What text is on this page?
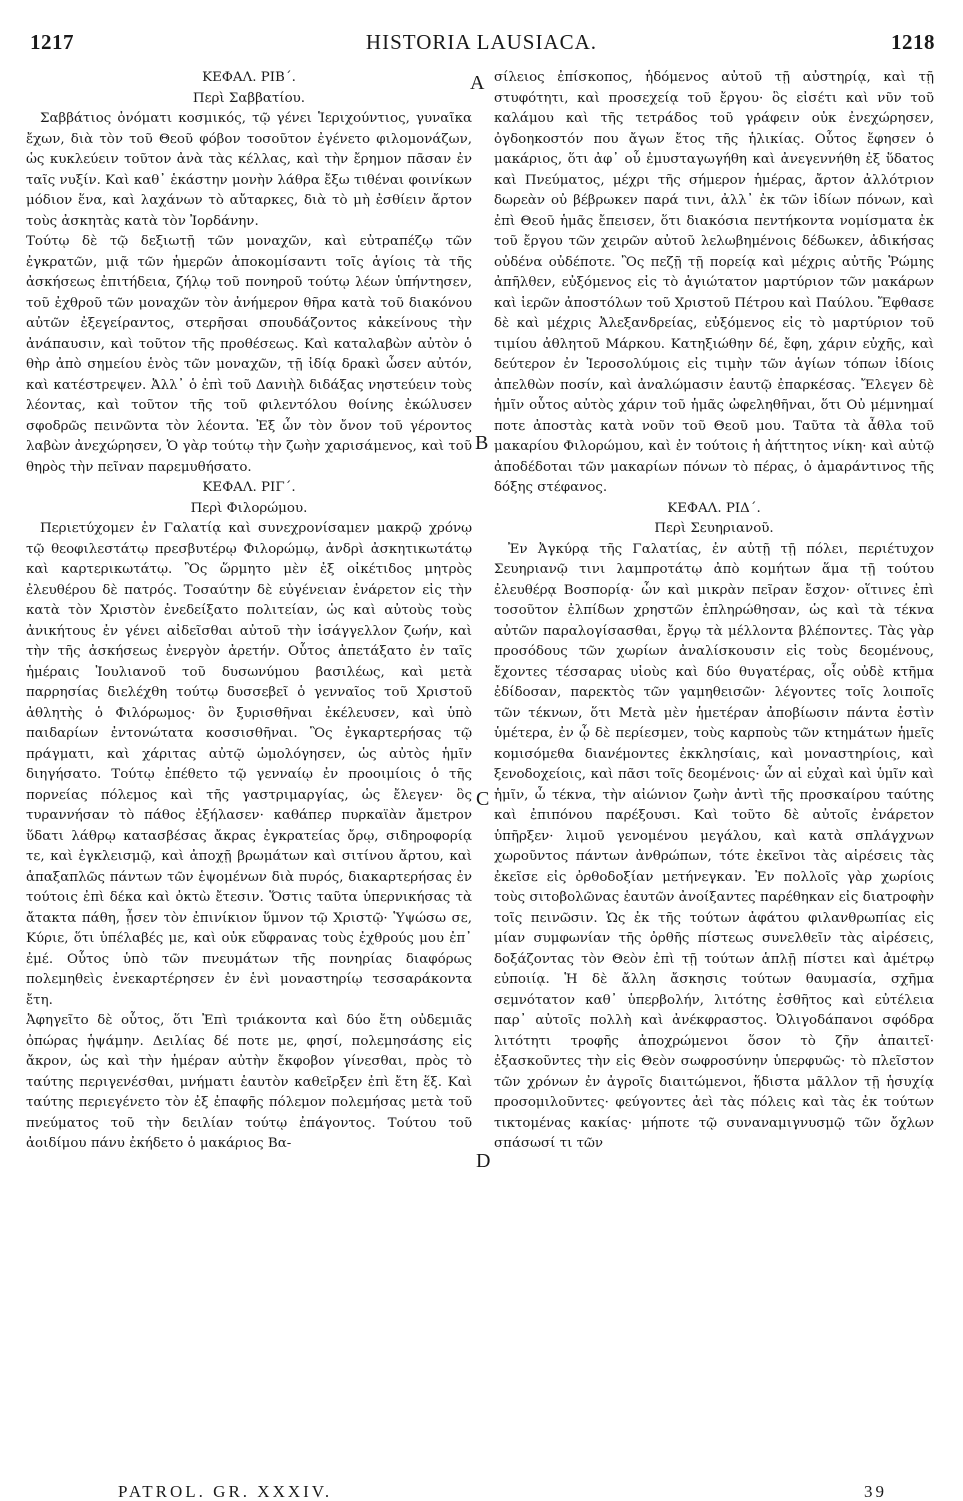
1217	HISTORIA LAUSIACA.	1218
A
B
C
D
ΚΕΦΑΛ. ΡΙΒ΄.
Περὶ Σαββατίου.

Σαββάτιος ὀνόματι κοσμικός, τῷ γένει Ἱεριχούντιος, γυναῖκα ἔχων, διὰ τὸν τοῦ Θεοῦ φόβον τοσοῦτον ἐγένετο φιλομονάζων, ὡς κυκλεύειν τοῦτον ἀνὰ τὰς κέλλας, καὶ τὴν ἔρημον πᾶσαν ἐν ταῖς νυξίν. Καὶ καθ᾽ ἑκάστην μονὴν λάθρα ἔξω τιθέναι φοινίκων μόδιον ἕνα, καὶ λαχάνων τὸ αὔταρκες, διὰ τὸ μὴ ἐσθίειν ἄρτον τοὺς ἀσκητὰς κατὰ τὸν Ἰορδάνην.

Τούτῳ δὲ τῷ δεξιωτῇ τῶν μοναχῶν, καὶ εὐτραπέζῳ τῶν ἐγκρατῶν, μιᾷ τῶν ἡμερῶν ἀποκομίσαντι τοῖς ἁγίοις τὰ τῆς ἀσκήσεως ἐπιτήδεια, ζήλῳ τοῦ πονηροῦ τούτῳ λέων ὑπήντησεν, τοῦ ἐχθροῦ τῶν μοναχῶν τὸν ἀνήμερον θῆρα κατὰ τοῦ διακόνου αὐτῶν ἐξεγείραντος, στερῆσαι σπουδάζοντος κἀκείνους τὴν ἀνάπαυσιν, καὶ τοῦτον τῆς προθέσεως. Καὶ καταλαβὼν αὐτὸν ὁ θὴρ ἀπὸ σημείου ἑνὸς τῶν μοναχῶν, τῇ ἰδίᾳ δρακὶ ὦσεν αὐτόν, καὶ κατέστρεψεν. Ἀλλ᾽ ὁ ἐπὶ τοῦ Δανιὴλ διδάξας νηστεύειν τοὺς λέοντας, καὶ τοῦτον τῆς τοῦ φιλεντόλου θοίνης ἐκώλυσεν σφοδρῶς πεινῶντα τὸν λέοντα. Ἐξ ὧν τὸν ὄνον τοῦ γέροντος λαβὼν ἀνεχώρησεν, Ὁ γὰρ τούτῳ τὴν ζωὴν χαρισάμενος, καὶ τοῦ θηρὸς τὴν πεῖναν παρεμυθήσατο.

ΚΕΦΑΛ. ΡΙΓ΄.
Περὶ Φιλορώμου.

Περιετύχομεν ἐν Γαλατίᾳ καὶ συνεχρονίσαμεν μακρῷ χρόνῳ τῷ θεοφιλεστάτῳ πρεσβυτέρῳ Φιλορώμῳ, ἀνδρὶ ἀσκητικωτάτῳ καὶ καρτερικωτάτῳ. Ὃς ὥρμητο μὲν ἐξ οἰκέτιδος μητρὸς ἐλευθέρου δὲ πατρός. Τοσαύτην δὲ εὐγένειαν ἐνάρετον εἰς τὴν κατὰ τὸν Χριστὸν ἐνεδείξατο πολιτείαν, ὡς καὶ αὐτοὺς τοὺς ἀνικήτους ἐν γένει αἰδεῖσθαι αὐτοῦ τὴν ἰσάγγελλον ζωήν, καὶ τὴν τῆς ἀσκήσεως ἐνεργὸν ἀρετήν. Οὗτος ἀπετάξατο ἐν ταῖς ἡμέραις Ἰουλιανοῦ τοῦ δυσωνύμου βασιλέως, καὶ μετὰ παρρησίας διελέχθη τούτῳ δυσσεβεῖ ὁ γενναῖος τοῦ Χριστοῦ ἀθλητὴς ὁ Φιλόρωμος· ὃν ξυρισθῆναι ἐκέλευσεν, καὶ ὑπὸ παιδαρίων ἐντονώτατα κοσσισθῆναι. Ὃς ἐγκαρτερήσας τῷ πράγματι, καὶ χάριτας αὐτῷ ὡμολόγησεν, ὡς αὐτὸς ἡμῖν διηγήσατο. Τούτῳ ἐπέθετο τῷ γενναίῳ ἐν προοιμίοις ὁ τῆς πορνείας πόλεμος καὶ τῆς γαστριμαργίας, ὡς ἔλεγεν· ὃς τυραννήσαν τὸ πάθος ἐξήλασεν· καθάπερ πυρκαϊὰν ἄμετρον ὕδατι λάθρῳ κατασβέσας ἄκρας ἐγκρατείας ὄρῳ, σιδηροφορίᾳ τε, καὶ ἐγκλεισμῷ, καὶ ἀποχῇ βρωμάτων καὶ σιτίνου ἄρτου, καὶ ἁπαξαπλῶς πάντων τῶν ἑψομένων διὰ πυρός, διακαρτερήσας ἐν τούτοις ἐπὶ δέκα καὶ ὀκτὼ ἔτεσιν. Ὅστις ταῦτα ὑπερνικήσας τὰ ἄτακτα πάθη, ᾖσεν τὸν ἐπινίκιον ὕμνον τῷ Χριστῷ· Ὑψώσω σε, Κύριε, ὅτι ὑπέλαβές με, καὶ οὐκ εὔφρανας τοὺς ἐχθρούς μου ἐπ᾽ ἐμέ. Οὗτος ὑπὸ τῶν πνευμάτων τῆς πονηρίας διαφόρως πολεμηθεὶς ἐνεκαρτέρησεν ἐν ἑνὶ μοναστηρίῳ τεσσαράκοντα ἔτη.

Ἀφηγεῖτο δὲ οὗτος, ὅτι Ἐπὶ τριάκοντα καὶ δύο ἔτη οὐδεμιᾶς ὀπώρας ἡψάμην. Δειλίας δέ ποτε με, φησί, πολεμησάσης εἰς ἄκρον, ὡς καὶ τὴν ἡμέραν αὐτὴν ἔκφοβον γίνεσθαι, πρὸς τὸ ταύτης περιγενέσθαι, μνήματι ἑαυτὸν καθεῖρξεν ἐπὶ ἔτη ἕξ. Καὶ ταύτης περιεγένετο τὸν ἐξ ἐπαφῆς πόλεμον πολεμήσας μετὰ τοῦ πνεύματος τοῦ τὴν δειλίαν τούτῳ ἐπάγοντος. Τούτου τοῦ ἀοιδίμου πάνυ ἐκήδετο ὁ μακάριος Βα-

σίλειος ἐπίσκοπος, ἡδόμενος αὐτοῦ τῇ αὐστηρίᾳ, καὶ τῇ στυφότητι, καὶ προσεχείᾳ τοῦ ἔργου· ὃς εἰσέτι καὶ νῦν τοῦ καλάμου καὶ τῆς τετράδος τοῦ γράφειν οὐκ ἐνεχώρησεν, ὀγδοηκοστόν που ἄγων ἔτος τῆς ἡλικίας. Οὗτος ἔφησεν ὁ μακάριος, ὅτι ἀφ᾽ οὗ ἐμυσταγωγήθη καὶ ἀνεγεννήθη ἐξ ὕδατος καὶ Πνεύματος, μέχρι τῆς σήμερον ἡμέρας, ἄρτον ἀλλότριον δωρεὰν οὐ βέβρωκεν παρά τινι, ἀλλ᾽ ἐκ τῶν ἰδίων πόνων, καὶ ἐπὶ Θεοῦ ἡμᾶς ἔπεισεν, ὅτι διακόσια πεντήκοντα νομίσματα ἐκ τοῦ ἔργου τῶν χειρῶν αὐτοῦ λελωβημένοις δέδωκεν, ἀδικήσας οὐδένα οὐδέποτε. Ὃς πεζῇ τῇ πορείᾳ καὶ μέχρις αὐτῆς Ῥώμης ἀπῆλθεν, εὐξόμενος εἰς τὸ ἁγιώτατον μαρτύριον τῶν μακάρων καὶ ἱερῶν ἀποστόλων τοῦ Χριστοῦ Πέτρου καὶ Παύλου. Ἔφθασε δὲ καὶ μέχρις Ἀλεξανδρείας, εὐξόμενος εἰς τὸ μαρτύριον τοῦ τιμίου ἀθλητοῦ Μάρκου. Κατηξιώθην δέ, ἔφη, χάριν εὐχῆς, καὶ δεύτερον ἐν Ἱεροσολύμοις εἰς τιμὴν τῶν ἁγίων τόπων ἰδίοις ἀπελθὼν ποσίν, καὶ ἀναλώμασιν ἑαυτῷ ἐπαρκέσας. Ἔλεγεν δὲ ἡμῖν οὗτος αὐτὸς χάριν τοῦ ἡμᾶς ὠφεληθῆναι, ὅτι Οὐ μέμνημαί ποτε ἀποστὰς κατὰ νοῦν τοῦ Θεοῦ μου. Ταῦτα τὰ ἆθλα τοῦ μακαρίου Φιλορώμου, καὶ ἐν τούτοις ἡ ἀήττητος νίκη· καὶ αὐτῷ ἀποδέδοται τῶν μακαρίων πόνων τὸ πέρας, ὁ ἀμαράντινος τῆς δόξης στέφανος.

ΚΕΦΑΛ. ΡΙΔ΄.
Περὶ Σευηριανοῦ.

Ἐν Ἀγκύρᾳ τῆς Γαλατίας, ἐν αὐτῇ τῇ πόλει, περιέτυχον Σευηριανῷ τινι λαμπροτάτῳ ἀπὸ κομήτων ἅμα τῇ τούτου ἐλευθέρᾳ Βοσπορίᾳ· ὧν καὶ μικρὰν πεῖραν ἔσχον· οἵτινες ἐπὶ τοσοῦτον ἐλπίδων χρηστῶν ἐπληρώθησαν, ὡς καὶ τὰ τέκνα αὐτῶν παραλογίσασθαι, ἔργῳ τὰ μέλλοντα βλέποντες. Τὰς γὰρ προσόδους τῶν χωρίων ἀναλίσκουσιν εἰς τοὺς δεομένους, ἔχοντες τέσσαρας υἱοὺς καὶ δύο θυγατέρας, οἷς οὐδὲ κτῆμα ἐδίδοσαν, παρεκτὸς τῶν γαμηθεισῶν· λέγοντες τοῖς λοιποῖς τῶν τέκνων, ὅτι Μετὰ μὲν ἡμετέραν ἀποβίωσιν πάντα ἐστὶν ὑμέτερα, ἐν ᾧ δὲ περίεσμεν, τοὺς καρποὺς τῶν κτημάτων ἡμεῖς κομισόμεθα διανέμοντες ἐκκλησίαις, καὶ μοναστηρίοις, καὶ ξενοδοχείοις, καὶ πᾶσι τοῖς δεομένοις· ὧν αἱ εὐχαὶ καὶ ὑμῖν καὶ ἡμῖν, ὦ τέκνα, τὴν αἰώνιον ζωὴν ἀντὶ τῆς προσκαίρου ταύτης καὶ ἐπιπόνου παρέξουσι. Καὶ τοῦτο δὲ αὐτοῖς ἐνάρετον ὑπῆρξεν· λιμοῦ γενομένου μεγάλου, καὶ κατὰ σπλάγχνων χωροῦντος πάντων ἀνθρώπων, τότε ἐκεῖνοι τὰς αἱρέσεις τὰς ἐκεῖσε εἰς ὀρθοδοξίαν μετήνεγκαν. Ἐν πολλοῖς γὰρ χωρίοις τοὺς σιτοβολῶνας ἑαυτῶν ἀνοίξαντες παρέθηκαν εἰς διατροφὴν τοῖς πεινῶσιν. Ὡς ἐκ τῆς τούτων ἀφάτου φιλανθρωπίας εἰς μίαν συμφωνίαν τῆς ὀρθῆς πίστεως συνελθεῖν τὰς αἱρέσεις, δοξάζοντας τὸν Θεὸν ἐπὶ τῇ τούτων ἁπλῇ πίστει καὶ ἀμέτρῳ εὐποιίᾳ. Ἡ δὲ ἄλλη ἄσκησις τούτων θαυμασία, σχῆμα σεμνότατον καθ᾽ ὑπερβολήν, λιτότης ἐσθῆτος καὶ εὐτέλεια παρ᾽ αὐτοῖς πολλὴ καὶ ἀνέκφραστος. Ὀλιγοδάπανοι σφόδρα λιτότητι τροφῆς ἀποχρώμενοι ὅσον τὸ ζῆν ἀπαιτεῖ· ἐξασκοῦντες τὴν εἰς Θεὸν σωφροσύνην ὑπερφυῶς· τὸ πλεῖστον τῶν χρόνων ἐν ἀγροῖς διαιτώμενοι, ἥδιστα μᾶλλον τῇ ἡσυχίᾳ προσομιλοῦντες· φεύγοντες ἀεὶ τὰς πόλεις καὶ τὰς ἐκ τούτων τικτομένας κακίας· μήποτε τῷ συναναμιγνυσμῷ τῶν ὄχλων σπάσωσί τι τῶν

PATROL. GR. XXXIV.	39
